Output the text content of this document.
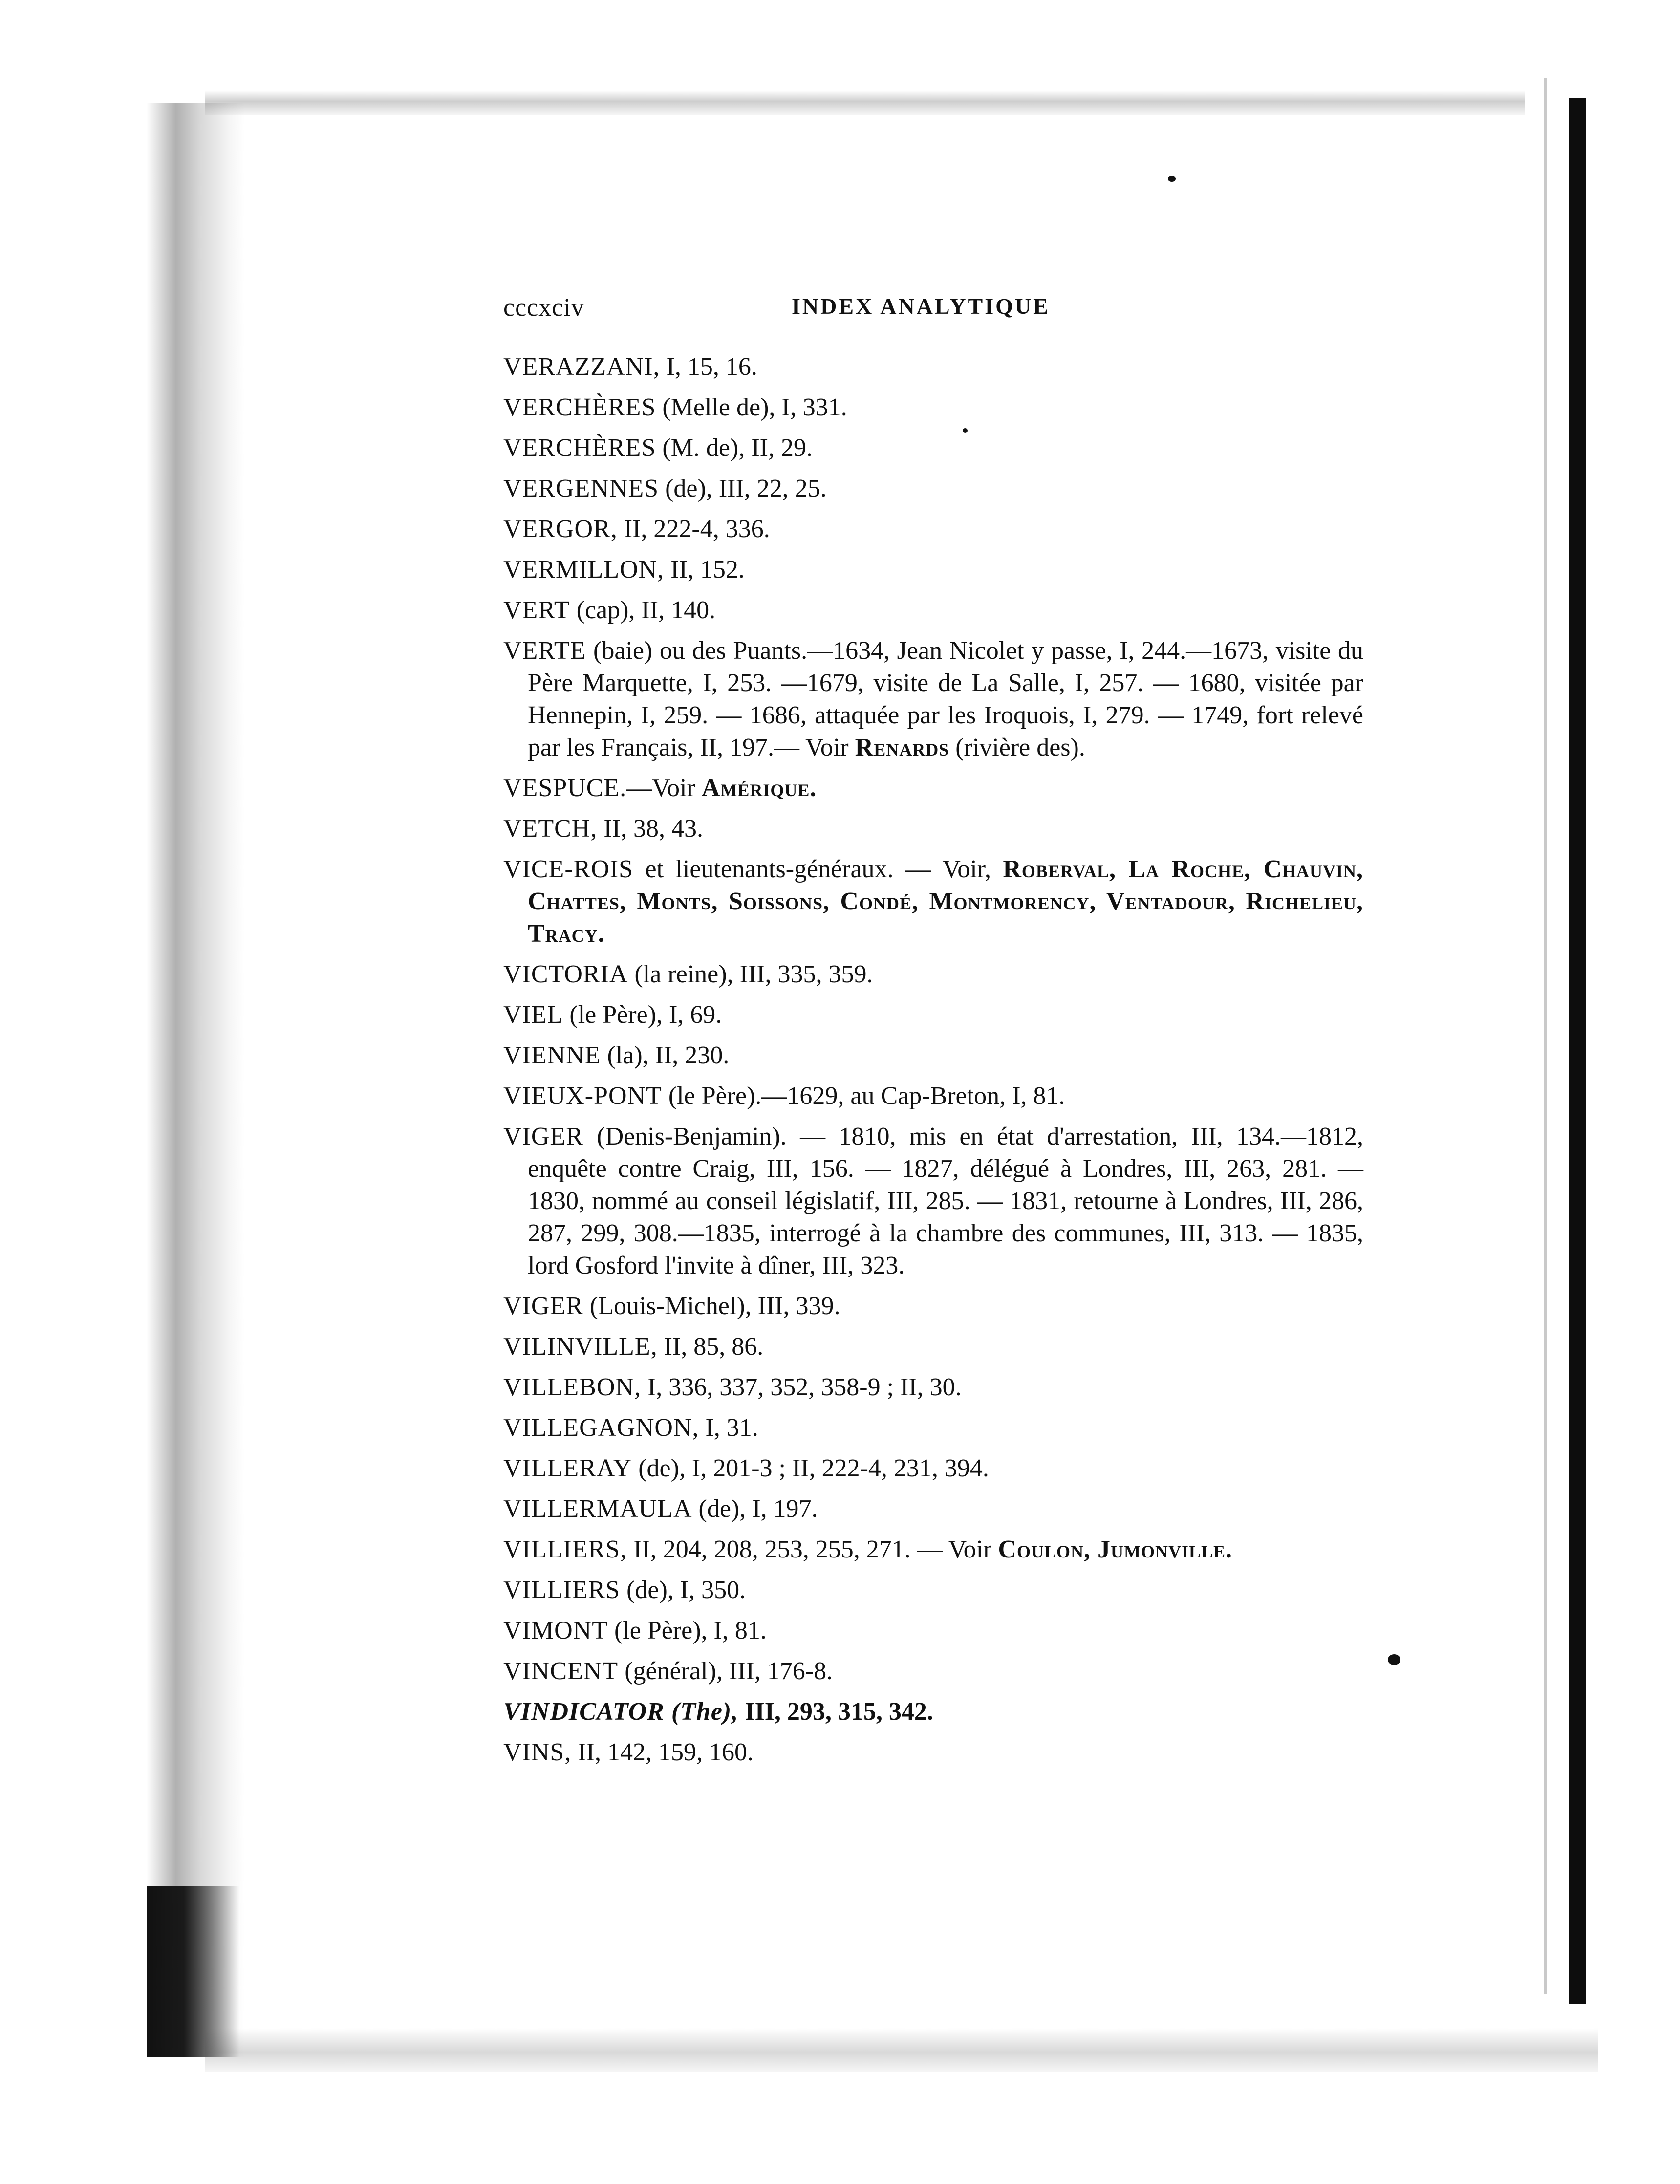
cccxciv	INDEX ANALYTIQUE
VERAZZANI, I, 15, 16.
VERCHÈRES (Melle de), I, 331.
VERCHÈRES (M. de), II, 29.
VERGENNES (de), III, 22, 25.
VERGOR, II, 222-4, 336.
VERMILLON, II, 152.
VERT (cap), II, 140.
VERTE (baie) ou des Puants.—1634, Jean Nicolet y passe, I, 244.—1673, visite du Père Marquette, I, 253. —1679, visite de La Salle, I, 257. — 1680, visitée par Hennepin, I, 259. — 1686, attaquée par les Iroquois, I, 279. — 1749, fort relevé par les Français, II, 197.— Voir Renards (rivière des).
VESPUCE.—Voir Amérique.
VETCH, II, 38, 43.
VICE-ROIS et lieutenants-généraux. — Voir, Roberval, La Roche, Chauvin, Chattes, Monts, Soissons, Condé, Montmorency, Ventadour, Richelieu, Tracy.
VICTORIA (la reine), III, 335, 359.
VIEL (le Père), I, 69.
VIENNE (la), II, 230.
VIEUX-PONT (le Père).—1629, au Cap-Breton, I, 81.
VIGER (Denis-Benjamin). — 1810, mis en état d'arrestation, III, 134.—1812, enquête contre Craig, III, 156. — 1827, délégué à Londres, III, 263, 281. — 1830, nommé au conseil législatif, III, 285. — 1831, retourne à Londres, III, 286, 287, 299, 308.—1835, interrogé à la chambre des communes, III, 313. — 1835, lord Gosford l'invite à dîner, III, 323.
VIGER (Louis-Michel), III, 339.
VILINVILLE, II, 85, 86.
VILLEBON, I, 336, 337, 352, 358-9 ; II, 30.
VILLEGAGNON, I, 31.
VILLERAY (de), I, 201-3 ; II, 222-4, 231, 394.
VILLERMAULA (de), I, 197.
VILLIERS, II, 204, 208, 253, 255, 271. — Voir Coulon, Jumonville.
VILLIERS (de), I, 350.
VIMONT (le Père), I, 81.
VINCENT (général), III, 176-8.
VINDICATOR (The), III, 293, 315, 342.
VINS, II, 142, 159, 160.
